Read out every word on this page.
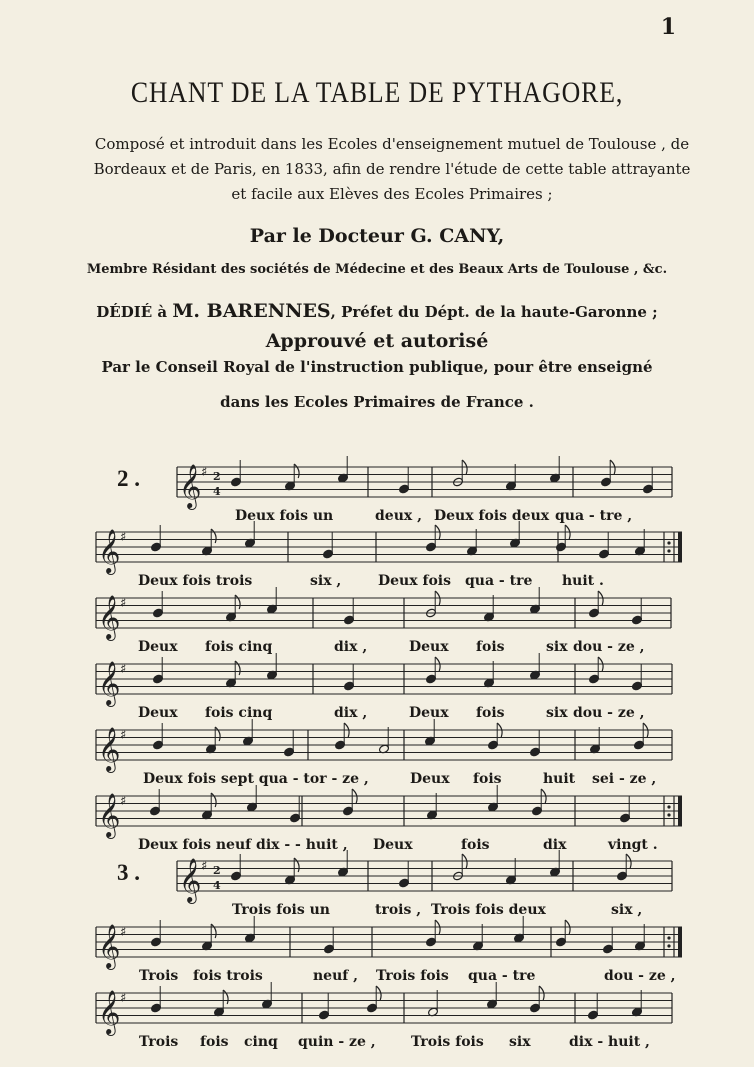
1
CHANT DE LA TABLE DE PYTHAGORE,
Composé et introduit dans les Ecoles d'enseignement mutuel de Toulouse , de Bordeaux et de Paris, en 1833, afin de rendre l'étude de cette table attrayante et facile aux Elèves des Ecoles Primaires ;
Par le Docteur G. CANY,
Membre Résidant des sociétés de Médecine et des Beaux Arts de Toulouse , &c.
DÉDIÉ à M. BARENNES, Préfet du Dépt. de la haute-Garonne ;
Approuvé et autorisé
Par le Conseil Royal de l'instruction publique, pour être enseigné
dans les Ecoles Primaires de France .
2 .
3 .
𝄞 ♯ 2
4
𝄞 ♯
𝄞 ♯
𝄞 ♯
𝄞 ♯
𝄞 ♯
𝄞 ♯ 2
4
𝄞 ♯
𝄞 ♯
Deux fois un	deux , Deux fois deux qua - tre ,
Deux fois trois	six ,	Deux fois qua - tre huit .
Deux fois cinq	dix ,	Deux fois	six dou - ze ,
Deux fois cinq	dix ,	Deux fois	six dou - ze ,
Deux fois sept qua - tor - ze ,	Deux fois	huit sei - ze ,
Deux fois neuf dix - - huit , Deux	fois	dix	vingt .
Trois fois un	trois , Trois fois deux	six ,
Trois fois trois	neuf , Trois fois qua - tre	dou - ze ,
Trois fois cinq quin - ze ,	Trois fois six	dix - huit ,
